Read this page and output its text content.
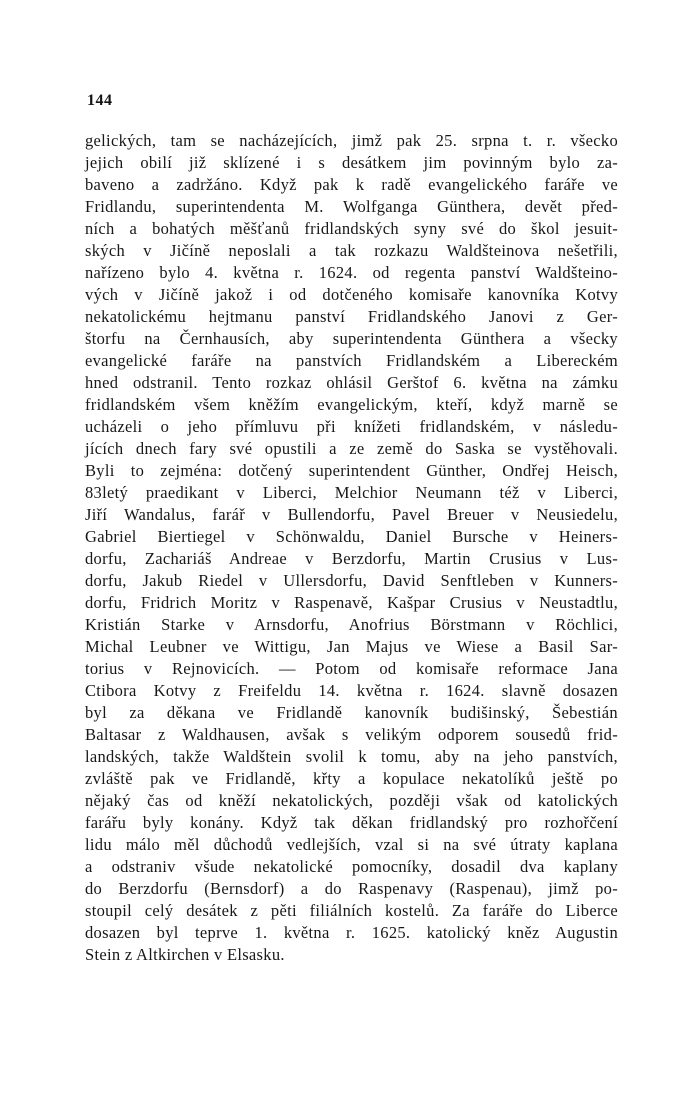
144
gelických, tam se nacházejících, jimž pak 25. srpna t. r. všecko
jejich obilí již sklízené i s desátkem jim povinným bylo za-
baveno a zadržáno. Když pak k radě evangelického faráře ve
Fridlandu, superintendenta M. Wolfganga Günthera, devět před-
ních a bohatých měšťanů fridlandských syny své do škol jesuit-
ských v Jičíně neposlali a tak rozkazu Waldšteinova nešetřili,
nařízeno bylo 4. května r. 1624. od regenta panství Waldšteino-
vých v Jičíně jakož i od dotčeného komisaře kanovníka Kotvy
nekatolickému hejtmanu panství Fridlandského Janovi z Ger-
štorfu na Černhausích, aby superintendenta Günthera a všecky
evangelické faráře na panstvích Fridlandském a Libereckém
hned odstranil. Tento rozkaz ohlásil Gerštof 6. května na zámku
fridlandském všem kněžím evangelickým, kteří, když marně se
ucházeli o jeho přímluvu při knížeti fridlandském, v následu-
jících dnech fary své opustili a ze země do Saska se vystěhovali.
Byli to zejména: dotčený superintendent Günther, Ondřej Heisch,
83letý praedikant v Liberci, Melchior Neumann též v Liberci,
Jiří Wandalus, farář v Bullendorfu, Pavel Breuer v Neusiedelu,
Gabriel Biertiegel v Schönwaldu, Daniel Bursche v Heiners-
dorfu, Zachariáš Andreae v Berzdorfu, Martin Crusius v Lus-
dorfu, Jakub Riedel v Ullersdorfu, David Senftleben v Kunners-
dorfu, Fridrich Moritz v Raspenavě, Kašpar Crusius v Neustadtlu,
Kristián Starke v Arnsdorfu, Anofrius Börstmann v Röchlici,
Michal Leubner ve Wittigu, Jan Majus ve Wiese a Basil Sar-
torius v Rejnovicích. — Potom od komisaře reformace Jana
Ctibora Kotvy z Freifeldu 14. května r. 1624. slavně dosazen
byl za děkana ve Fridlandě kanovník budišinský, Šebestián
Baltasar z Waldhausen, avšak s velikým odporem sousedů frid-
landských, takže Waldštein svolil k tomu, aby na jeho panstvích,
zvláště pak ve Fridlandě, křty a kopulace nekatolíků ještě po
nějaký čas od kněží nekatolických, později však od katolických
farářu byly konány. Když tak děkan fridlandský pro rozhořčení
lidu málo měl důchodů vedlejších, vzal si na své útraty kaplana
a odstraniv všude nekatolické pomocníky, dosadil dva kaplany
do Berzdorfu (Bernsdorf) a do Raspenavy (Raspenau), jimž po-
stoupil celý desátek z pěti filiálních kostelů. Za faráře do Liberce
dosazen byl teprve 1. května r. 1625. katolický kněz Augustin
Stein z Altkirchen v Elsasku.
